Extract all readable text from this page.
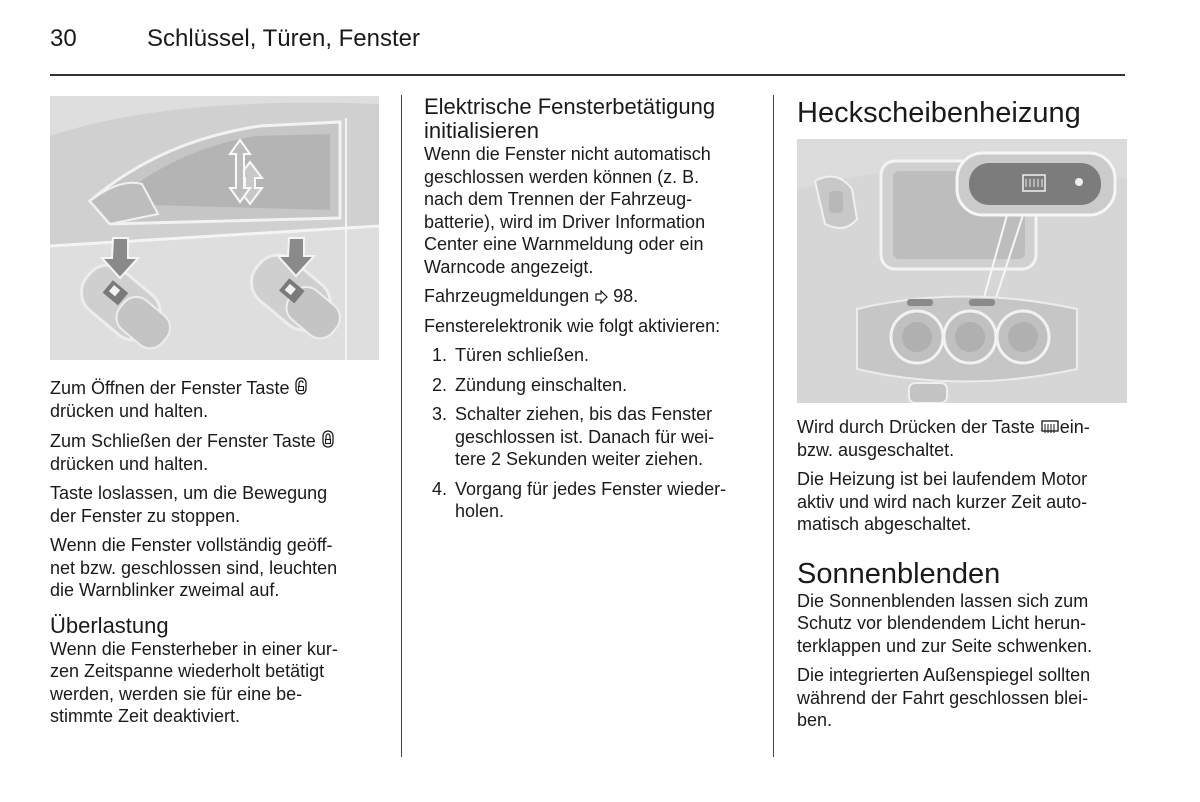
30	Schlüssel, Türen, Fenster

Zum Öffnen der Fenster Taste
drücken und halten.

Zum Schließen der Fenster Taste
drücken und halten.

Taste loslassen, um die Bewegung
der Fenster zu stoppen.

Wenn die Fenster vollständig geöff-
net bzw. geschlossen sind, leuchten
die Warnblinker zweimal auf.

Überlastung

Wenn die Fensterheber in einer kur-
zen Zeitspanne wiederholt betätigt
werden, werden sie für eine be-
stimmte Zeit deaktiviert.

Elektrische Fensterbetätigung
initialisieren

Wenn die Fenster nicht automatisch
geschlossen werden können (z. B.
nach dem Trennen der Fahrzeug-
batterie), wird im Driver Information
Center eine Warnmeldung oder ein
Warncode angezeigt.

Fahrzeugmeldungen 98.

Fensterelektronik wie folgt aktivieren:

1. Türen schließen.
2. Zündung einschalten.
3. Schalter ziehen, bis das Fenster
geschlossen ist. Danach für wei-
tere 2 Sekunden weiter ziehen.
4. Vorgang für jedes Fenster wieder-
holen.
Heckscheibenheizung

Wird durch Drücken der Taste ein-
bzw. ausgeschaltet.

Die Heizung ist bei laufendem Motor
aktiv und wird nach kurzer Zeit auto-
matisch abgeschaltet.

Sonnenblenden

Die Sonnenblenden lassen sich zum
Schutz vor blendendem Licht herun-
terklappen und zur Seite schwenken.

Die integrierten Außenspiegel sollten
während der Fahrt geschlossen blei-
ben.
